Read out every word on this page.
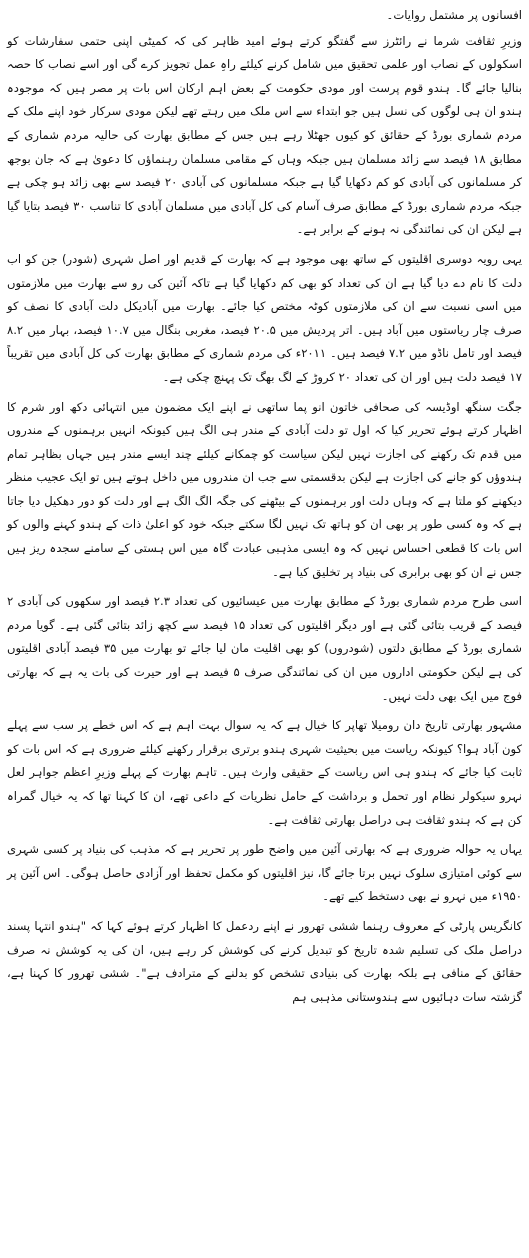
افسانوں پر مشتمل روایات۔

وزیرِ ثقافت شرما نے رائٹرز سے گفتگو کرتے ہوئے امید ظاہر کی کہ کمیٹی اپنی حتمی سفارشات کو اسکولوں کے نصاب اور علمی تحقیق میں شامل کرنے کیلئے راہِ عمل تجویز کرے گی اور اسے نصاب کا حصہ بنالیا جائے گا۔ ہندو قوم پرست اور مودی حکومت کے بعض اہم ارکان اس بات پر مصر ہیں کہ موجودہ ہندو ان ہی لوگوں کی نسل ہیں جو ابتداء سے اس ملک میں رہتے تھے لیکن مودی سرکار خود اپنے ملک کے مردم شماری بورڈ کے حقائق کو کیوں جھٹلا رہے ہیں جس کے مطابق بھارت کی حالیہ مردم شماری کے مطابق ۱۸ فیصد سے زائد مسلمان ہیں جبکہ وہاں کے مقامی مسلمان رہنماؤں کا دعویٰ ہے کہ جان بوجھ کر مسلمانوں کی آبادی کو کم دکھایا گیا ہے جبکہ مسلمانوں کی آبادی ۲۰ فیصد سے بھی زائد ہو چکی ہے جبکہ مردم شماری بورڈ کے مطابق صرف آسام کی کل آبادی میں مسلمان آبادی کا تناسب ۳۰ فیصد بتایا گیا ہے لیکن ان کی نمائندگی نہ ہونے کے برابر ہے۔

یہی رویہ دوسری اقلیتوں کے ساتھ بھی موجود ہے کہ بھارت کے قدیم اور اصل شہری (شودر) جن کو اب دلت کا نام دے دیا گیا ہے ان کی تعداد کو بھی کم دکھایا گیا ہے تاکہ آئین کی رو سے بھارت میں ملازمتوں میں اسی نسبت سے ان کی ملازمتوں کوٹہ مختص کیا جائے۔ بھارت میں آبادیکل دلت آبادی کا نصف کو صرف چار ریاستوں میں آباد ہیں۔ اتر پردیش میں ۲۰.۵ فیصد، مغربی بنگال میں ۱۰.۷ فیصد، بہار میں ۸.۲ فیصد اور تامل ناڈو میں ۷.۲ فیصد ہیں۔ ۲۰۱۱ء کی مردم شماری کے مطابق بھارت کی کل آبادی میں تقریباً ۱۷ فیصد دلت ہیں اور ان کی تعداد ۲۰ کروڑ کے لگ بھگ تک پہنچ چکی ہے۔

جگت سنگھ اوڈیسہ کی صحافی خاتون انو پما ساتھی نے اپنے ایک مضمون میں انتہائی دکھ اور شرم کا اظہار کرتے ہوئے تحریر کیا کہ اول تو دلت آبادی کے مندر ہی الگ ہیں کیونکہ انہیں برہمنوں کے مندروں میں قدم تک رکھنے کی اجازت نہیں لیکن سیاست کو چمکانے کیلئے چند ایسے مندر ہیں جہاں بظاہر تمام ہندوؤں کو جانے کی اجازت ہے لیکن بدقسمتی سے جب ان مندروں میں داخل ہوتے ہیں تو ایک عجیب منظر دیکھنے کو ملتا ہے کہ وہاں دلت اور برہمنوں کے بیٹھنے کی جگہ الگ الگ ہے اور دلت کو دور دھکیل دیا جاتا ہے کہ وہ کسی طور پر بھی ان کو ہاتھ تک نہیں لگا سکتے جبکہ خود کو اعلیٰ ذات کے ہندو کہنے والوں کو اس بات کا قطعی احساس نہیں کہ وہ ایسی مذہبی عبادت گاہ میں اس ہستی کے سامنے سجدہ ریز ہیں جس نے ان کو بھی برابری کی بنیاد پر تخلیق کیا ہے۔

اسی طرح مردم شماری بورڈ کے مطابق بھارت میں عیسائیوں کی تعداد ۲.۳ فیصد اور سکھوں کی آبادی ۲ فیصد کے قریب بتائی گئی ہے اور دیگر اقلیتوں کی تعداد ۱۵ فیصد سے کچھ زائد بتائی گئی ہے۔ گویا مردم شماری بورڈ کے مطابق دلتوں (شودروں) کو بھی اقلیت مان لیا جائے تو بھارت میں ۳۵ فیصد آبادی اقلیتوں کی ہے لیکن حکومتی اداروں میں ان کی نمائندگی صرف ۵ فیصد ہے اور حیرت کی بات یہ ہے کہ بھارتی فوج میں ایک بھی دلت نہیں۔

مشہور بھارتی تاریخ دان رومیلا تھاپر کا خیال ہے کہ یہ سوال بہت اہم ہے کہ اس خطے پر سب سے پہلے کون آباد ہوا؟ کیونکہ ریاست میں بحیثیت شہری ہندو برتری برقرار رکھنے کیلئے ضروری ہے کہ اس بات کو ثابت کیا جائے کہ ہندو ہی اس ریاست کے حقیقی وارث ہیں۔ تاہم بھارت کے پہلے وزیرِ اعظم جواہر لعل نہرو سیکولر نظام اور تحمل و برداشت کے حامل نظریات کے داعی تھے، ان کا کہنا تھا کہ یہ خیال گمراہ کن ہے کہ ہندو ثقافت ہی دراصل بھارتی ثقافت ہے۔

یہاں یہ حوالہ ضروری ہے کہ بھارتی آئین میں واضح طور پر تحریر ہے کہ مذہب کی بنیاد پر کسی شہری سے کوئی امتیازی سلوک نہیں برتا جائے گا، نیز اقلیتوں کو مکمل تحفظ اور آزادی حاصل ہوگی۔ اس آئین پر ۱۹۵۰ء میں نہرو نے بھی دستخط کیے تھے۔

کانگریس پارٹی کے معروف رہنما ششی تھرور نے اپنے ردعمل کا اظہار کرتے ہوئے کہا کہ "ہندو انتہا پسند دراصل ملک کی تسلیم شدہ تاریخ کو تبدیل کرنے کی کوشش کر رہے ہیں، ان کی یہ کوشش نہ صرف حقائق کے منافی ہے بلکہ بھارت کی بنیادی تشخص کو بدلنے کے مترادف ہے"۔ ششی تھرور کا کہنا ہے، گزشتہ سات دہائیوں سے ہندوستانی مذہبی ہم
